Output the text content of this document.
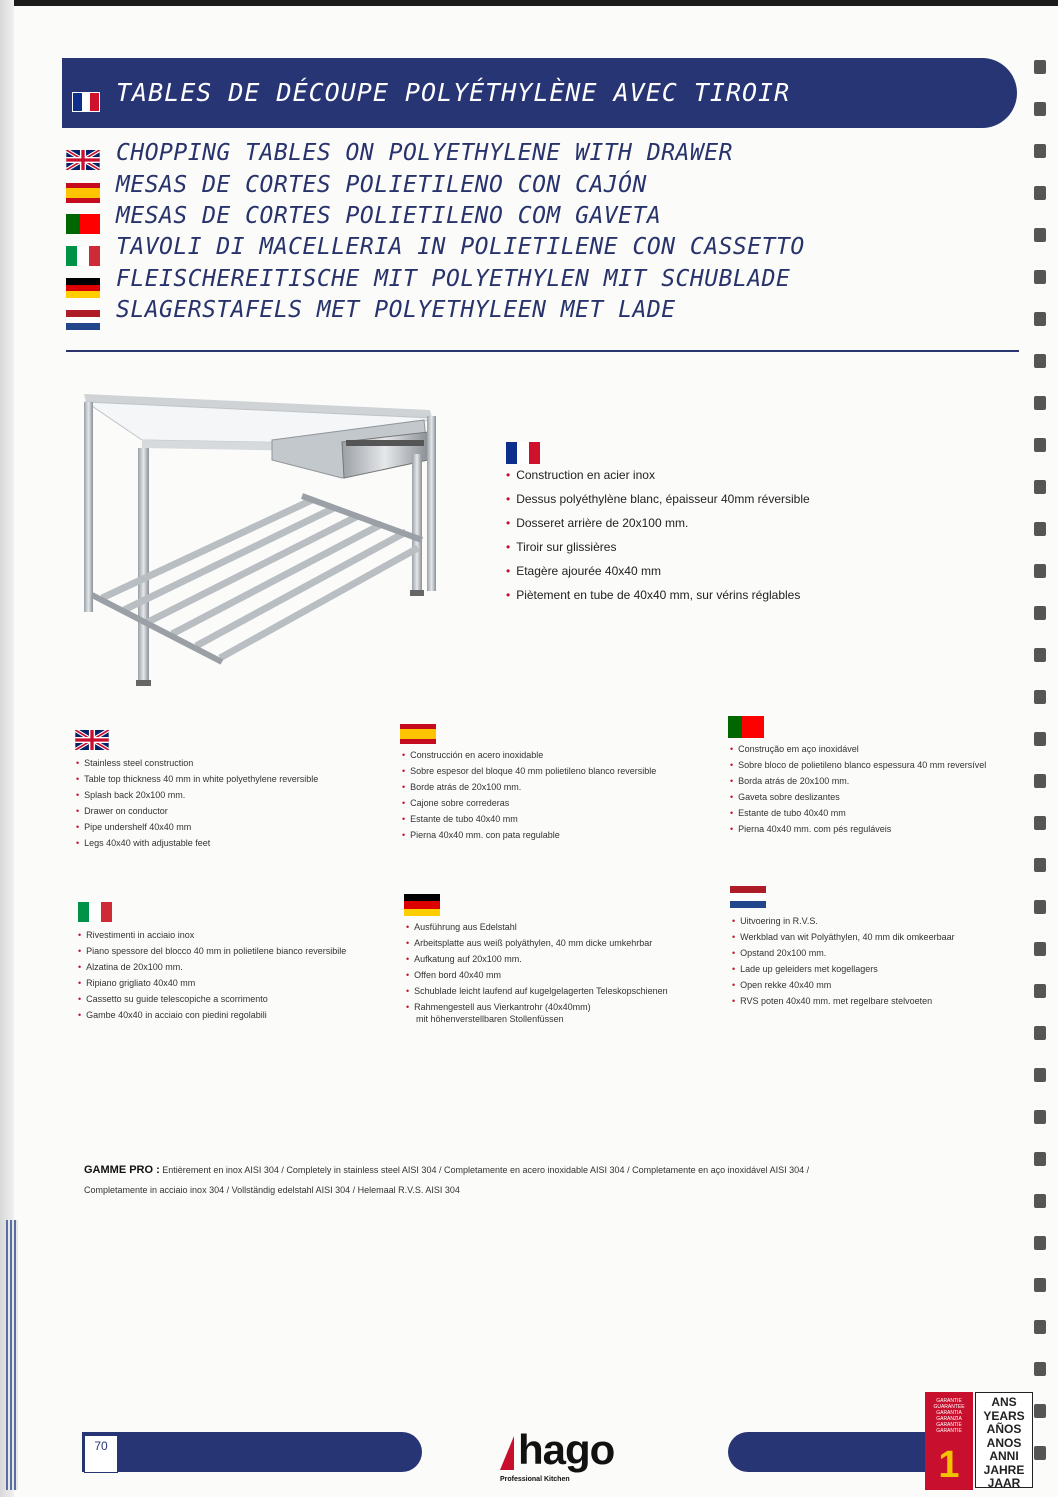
TABLES DE DÉCOUPE POLYÉTHYLÈNE AVEC TIROIR
CHOPPING TABLES ON POLYETHYLENE WITH DRAWER
MESAS DE CORTES POLIETILENO CON CAJÓN
MESAS DE CORTES POLIETILENO COM GAVETA
TAVOLI DI MACELLERIA IN POLIETILENE CON CASSETTO
FLEISCHEREITISCHE MIT POLYETHYLEN MIT SCHUBLADE
SLAGERSTAFELS MET POLYETHYLEEN MET LADE
• Construction en acier inox
• Dessus polyéthylène blanc, épaisseur 40mm réversible
• Dosseret arrière de 20x100 mm.
• Tiroir sur glissières
• Etagère ajourée 40x40 mm
• Piètement en tube de 40x40 mm, sur vérins réglables
• Stainless steel construction
• Table top thickness 40 mm in white polyethylene reversible
• Splash back 20x100 mm.
• Drawer on conductor
• Pipe undershelf 40x40 mm
• Legs 40x40 with adjustable feet
• Construcción en acero inoxidable
• Sobre espesor del bloque 40 mm polietileno blanco reversible
• Borde atrás de 20x100 mm.
• Cajone sobre correderas
• Estante de tubo 40x40 mm
• Pierna 40x40 mm. con pata regulable
• Construção em aço inoxidável
• Sobre bloco de polietileno blanco espessura 40 mm reversível
• Borda atrás de 20x100 mm.
• Gaveta sobre deslizantes
• Estante de tubo 40x40 mm
• Pierna 40x40 mm. com pés reguláveis
• Rivestimenti in acciaio inox
• Piano spessore del blocco 40 mm in polietilene bianco reversibile
• Alzatina de 20x100 mm.
• Ripiano grigliato 40x40 mm
• Cassetto su guide telescopiche a scorrimento
• Gambe 40x40 in acciaio con piedini regolabili
• Ausführung aus Edelstahl
• Arbeitsplatte aus weiß polyäthylen, 40 mm dicke umkehrbar
• Aufkatung auf 20x100 mm.
• Offen bord 40x40 mm
• Schublade leicht laufend auf kugelgelagerten Teleskopschienen
• Rahmengestell aus Vierkantrohr (40x40mm)
mit höhenverstellbaren Stollenfüssen
• Uitvoering in R.V.S.
• Werkblad van wit Polyäthylen, 40 mm dik omkeerbaar
• Opstand 20x100 mm.
• Lade up geleiders met kogellagers
• Open rekke 40x40 mm
• RVS poten 40x40 mm. met regelbare stelvoeten
GAMME PRO : Entièrement en inox AISI 304 / Completely in stainless steel AISI 304 / Completamente en acero inoxidable AISI 304 / Completamente en aço inoxidável AISI 304 /
Completamente in acciaio inox 304 / Vollständig edelstahl AISI 304 / Helemaal R.V.S. AISI 304
70	hago
Professional Kitchen
GARANTIE
GUARANTEE
GARANTIA
GARANZIA
GARANTIE
GARANTIE
1
ANS
YEARS
AÑOS
ANOS
ANNI
JAHRE
JAAR
